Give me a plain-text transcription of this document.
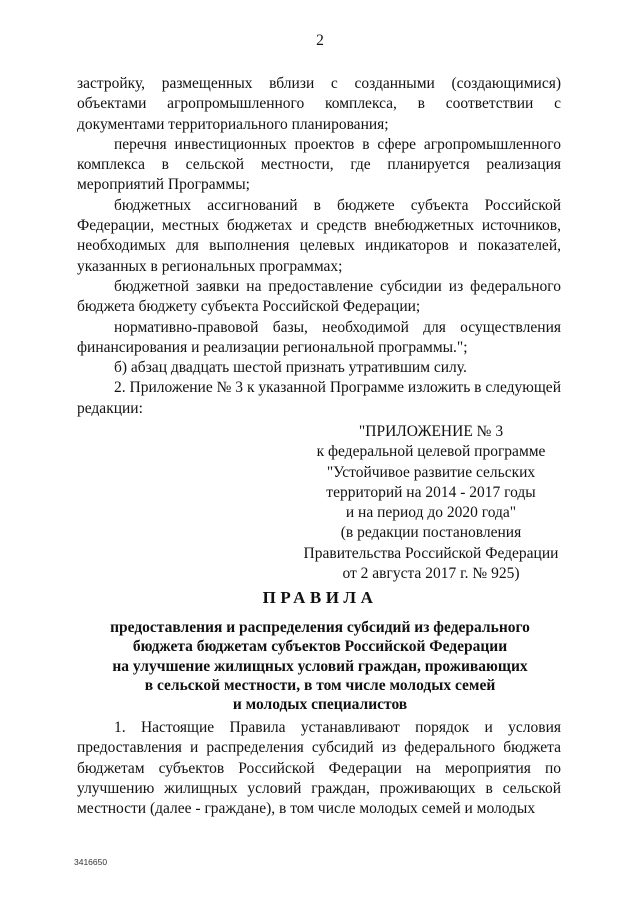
2

застройку, размещенных вблизи с созданными (создающимися) объектами агропромышленного комплекса, в соответствии с документами территориального планирования;

перечня инвестиционных проектов в сфере агропромышленного комплекса в сельской местности, где планируется реализация мероприятий Программы;

бюджетных ассигнований в бюджете субъекта Российской Федерации, местных бюджетах и средств внебюджетных источников, необходимых для выполнения целевых индикаторов и показателей, указанных в региональных программах;

бюджетной заявки на предоставление субсидии из федерального бюджета бюджету субъекта Российской Федерации;

нормативно-правовой базы, необходимой для осуществления финансирования и реализации региональной программы.";

б) абзац двадцать шестой признать утратившим силу.

2. Приложение № 3 к указанной Программе изложить в следующей редакции:

"ПРИЛОЖЕНИЕ № 3
к федеральной целевой программе
"Устойчивое развитие сельских
территорий на 2014 - 2017 годы
и на период до 2020 года"
(в редакции постановления
Правительства Российской Федерации
от 2 августа 2017 г. № 925)
ПРАВИЛА
предоставления и распределения субсидий из федерального
бюджета бюджетам субъектов Российской Федерации
на улучшение жилищных условий граждан, проживающих
в сельской местности, в том числе молодых семей
и молодых специалистов

1. Настоящие Правила устанавливают порядок и условия предоставления и распределения субсидий из федерального бюджета бюджетам субъектов Российской Федерации на мероприятия по улучшению жилищных условий граждан, проживающих в сельской местности (далее - граждане), в том числе молодых семей и молодых

3416650
